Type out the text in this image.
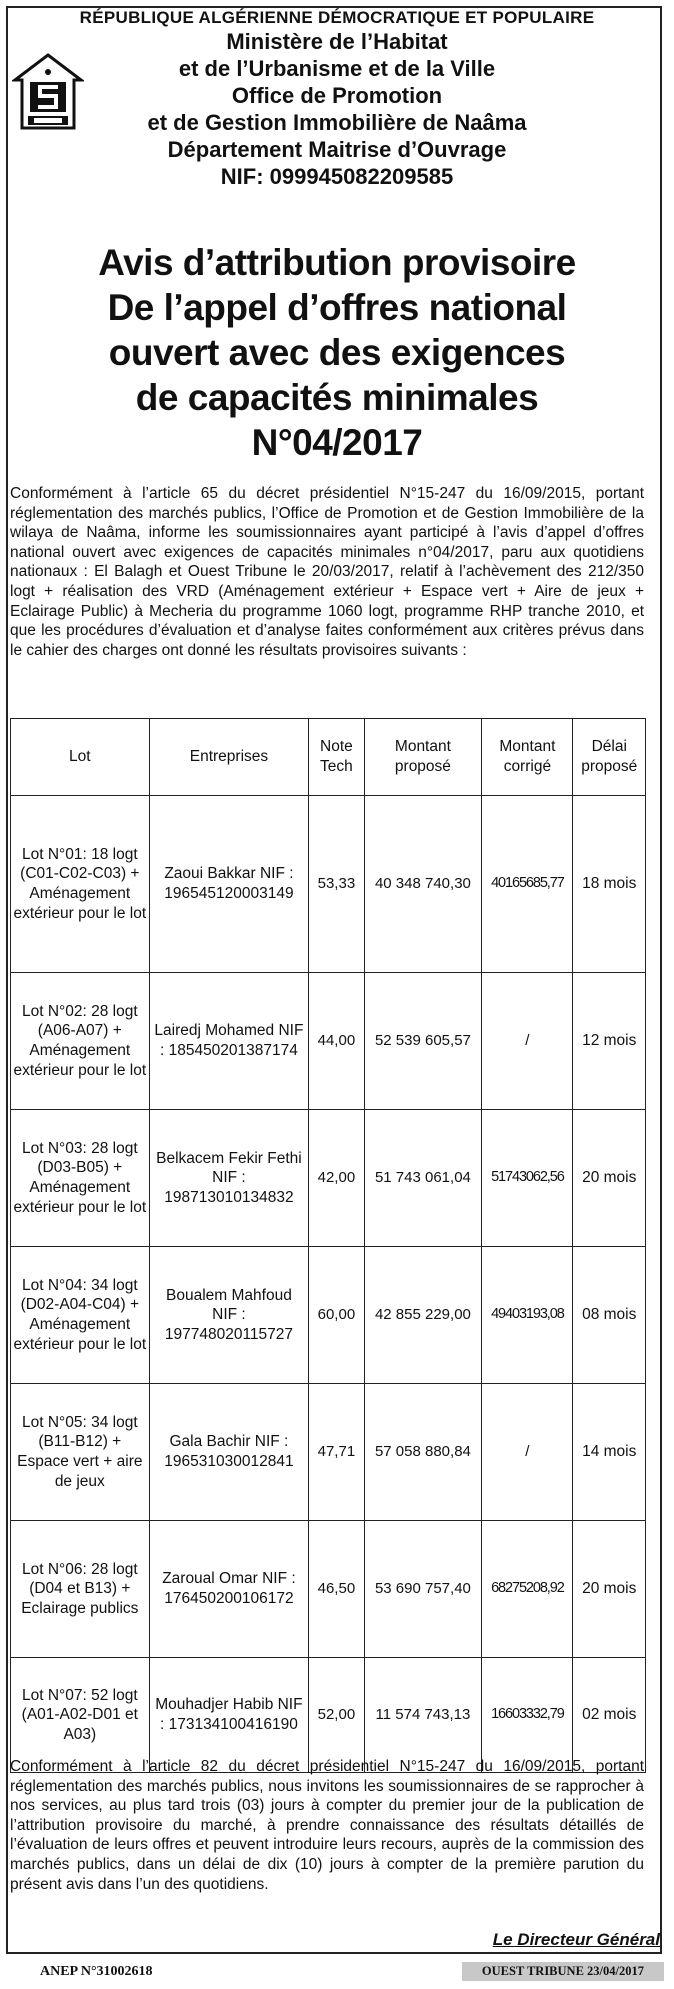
RÉPUBLIQUE ALGÉRIENNE DÉMOCRATIQUE ET POPULAIRE
Ministère de l’Habitat
et de l’Urbanisme et de la Ville
Office de Promotion
et de Gestion Immobilière de Naâma
Département Maitrise d’Ouvrage
NIF: 099945082209585
Avis d’attribution provisoire
De l’appel d’offres national
ouvert avec des exigences
de capacités minimales
N°04/2017
Conformément à l’article 65 du décret présidentiel N°15-247 du 16/09/2015, portant réglementation des marchés publics, l’Office de Promotion et de Gestion Immobilière de la wilaya de Naâma, informe les soumissionnaires ayant participé à l’avis d’appel d’offres national ouvert avec exigences de capacités minimales n°04/2017, paru aux quotidiens nationaux : El Balagh et Ouest Tribune le 20/03/2017, relatif à l’achèvement des 212/350 logt + réalisation des VRD (Aménagement extérieur + Espace vert + Aire de jeux + Eclairage Public) à Mecheria du programme 1060 logt, programme RHP tranche 2010, et que les procédures d’évaluation et d’analyse faites conformément aux critères prévus dans le cahier des charges ont donné les résultats provisoires suivants :
Lot	Entreprises	Note Tech	Montant proposé	Montant corrigé	Délai proposé
Lot N°01: 18 logt (C01-C02-C03) + Aménagement extérieur pour le lot	Zaoui Bakkar NIF : 196545120003149	53,33	40 348 740,30	40165685,77	18 mois
Lot N°02: 28 logt (A06-A07) + Aménagement extérieur pour le lot	Lairedj Mohamed NIF : 185450201387174	44,00	52 539 605,57	/	12 mois
Lot N°03: 28 logt (D03-B05) + Aménagement extérieur pour le lot	Belkacem Fekir Fethi NIF : 198713010134832	42,00	51 743 061,04	51743062,56	20 mois
Lot N°04: 34 logt (D02-A04-C04) + Aménagement extérieur pour le lot	Boualem Mahfoud NIF : 197748020115727	60,00	42 855 229,00	49403193,08	08 mois
Lot N°05: 34 logt (B11-B12) + Espace vert + aire de jeux	Gala Bachir NIF : 196531030012841	47,71	57 058 880,84	/	14 mois
Lot N°06: 28 logt (D04 et B13) + Eclairage publics	Zaroual Omar NIF : 176450200106172	46,50	53 690 757,40	68275208,92	20 mois
Lot N°07: 52 logt (A01-A02-D01 et A03)	Mouhadjer Habib NIF : 173134100416190	52,00	11 574 743,13	16603332,79	02 mois
Conformément à l’article 82 du décret présidentiel N°15-247 du 16/09/2015, portant réglementation des marchés publics, nous invitons les soumissionnaires de se rapprocher à nos services, au plus tard trois (03) jours à compter du premier jour de la publication de l’attribution provisoire du marché, à prendre connaissance des résultats détaillés de l’évaluation de leurs offres et peuvent introduire leurs recours, auprès de la commission des marchés publics, dans un délai de dix (10) jours à compter de la première parution du présent avis dans l’un des quotidiens.
Le Directeur Général
ANEP N°31002618	OUEST TRIBUNE 23/04/2017
